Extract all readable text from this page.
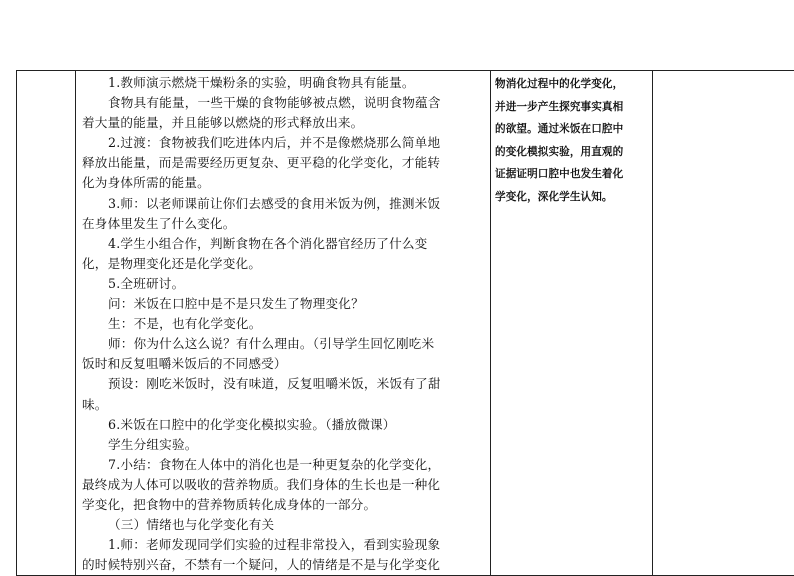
1.教师演示燃烧干燥粉条的实验，明确食物具有能量。
食物具有能量，一些干燥的食物能够被点燃，说明食物蕴含
着大量的能量，并且能够以燃烧的形式释放出来。
2.过渡：食物被我们吃进体内后，并不是像燃烧那么简单地
释放出能量，而是需要经历更复杂、更平稳的化学变化，才能转
化为身体所需的能量。
3.师：以老师课前让你们去感受的食用米饭为例，推测米饭
在身体里发生了什么变化。
4.学生小组合作，判断食物在各个消化器官经历了什么变
化，是物理变化还是化学变化。
5.全班研讨。
问：米饭在口腔中是不是只发生了物理变化？
生：不是，也有化学变化。
师：你为什么这么说？有什么理由。（引导学生回忆刚吃米
饭时和反复咀嚼米饭后的不同感受）
预设：刚吃米饭时，没有味道，反复咀嚼米饭，米饭有了甜
味。
6.米饭在口腔中的化学变化模拟实验。（播放微课）
学生分组实验。
7.小结：食物在人体中的消化也是一种更复杂的化学变化，
最终成为人体可以吸收的营养物质。我们身体的生长也是一种化
学变化，把食物中的营养物质转化成身体的一部分。
（三）情绪也与化学变化有关
1.师：老师发现同学们实验的过程非常投入，看到实验现象
的时候特别兴奋，不禁有一个疑问，人的情绪是不是与化学变化

物消化过程中的化学变化，
并进一步产生探究事实真相
的欲望。通过米饭在口腔中
的变化模拟实验，用直观的
证据证明口腔中也发生着化
学变化，深化学生认知。
